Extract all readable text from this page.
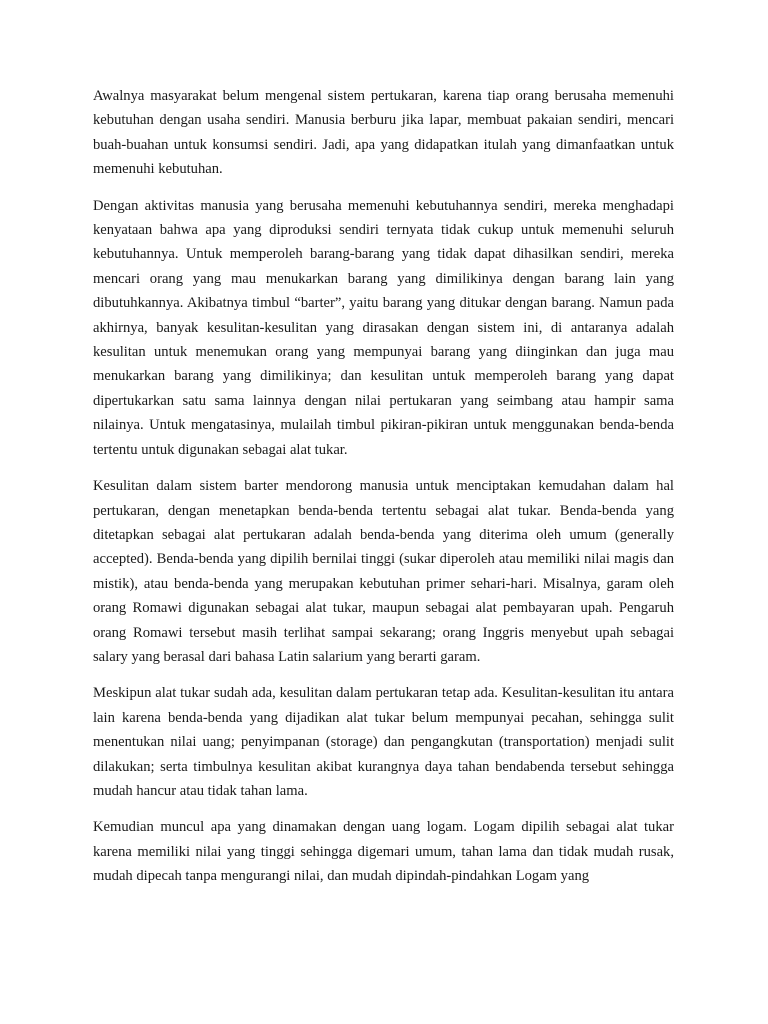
Awalnya masyarakat belum mengenal sistem pertukaran, karena tiap orang berusaha memenuhi kebutuhan dengan usaha sendiri. Manusia berburu jika lapar, membuat pakaian sendiri, mencari buah-buahan untuk konsumsi sendiri. Jadi, apa yang didapatkan itulah yang dimanfaatkan untuk memenuhi kebutuhan.

Dengan aktivitas manusia yang berusaha memenuhi kebutuhannya sendiri, mereka menghadapi kenyataan bahwa apa yang diproduksi sendiri ternyata tidak cukup untuk memenuhi seluruh kebutuhannya. Untuk memperoleh barang-barang yang tidak dapat dihasilkan sendiri, mereka mencari orang yang mau menukarkan barang yang dimilikinya dengan barang lain yang dibutuhkannya. Akibatnya timbul “barter”, yaitu barang yang ditukar dengan barang. Namun pada akhirnya, banyak kesulitan-kesulitan yang dirasakan dengan sistem ini, di antaranya adalah kesulitan untuk menemukan orang yang mempunyai barang yang diinginkan dan juga mau menukarkan barang yang dimilikinya; dan kesulitan untuk memperoleh barang yang dapat dipertukarkan satu sama lainnya dengan nilai pertukaran yang seimbang atau hampir sama nilainya. Untuk mengatasinya, mulailah timbul pikiran-pikiran untuk menggunakan benda-benda tertentu untuk digunakan sebagai alat tukar.

Kesulitan dalam sistem barter mendorong manusia untuk menciptakan kemudahan dalam hal pertukaran, dengan menetapkan benda-benda tertentu sebagai alat tukar. Benda-benda yang ditetapkan sebagai alat pertukaran adalah benda-benda yang diterima oleh umum (generally accepted). Benda-benda yang dipilih bernilai tinggi (sukar diperoleh atau memiliki nilai magis dan mistik), atau benda-benda yang merupakan kebutuhan primer sehari-hari. Misalnya, garam oleh orang Romawi digunakan sebagai alat tukar, maupun sebagai alat pembayaran upah. Pengaruh orang Romawi tersebut masih terlihat sampai sekarang; orang Inggris menyebut upah sebagai salary yang berasal dari bahasa Latin salarium yang berarti garam.

Meskipun alat tukar sudah ada, kesulitan dalam pertukaran tetap ada. Kesulitan-kesulitan itu antara lain karena benda-benda yang dijadikan alat tukar belum mempunyai pecahan, sehingga sulit menentukan nilai uang; penyimpanan (storage) dan pengangkutan (transportation) menjadi sulit dilakukan; serta timbulnya kesulitan akibat kurangnya daya tahan bendabenda tersebut sehingga mudah hancur atau tidak tahan lama.

Kemudian muncul apa yang dinamakan dengan uang logam. Logam dipilih sebagai alat tukar karena memiliki nilai yang tinggi sehingga digemari umum, tahan lama dan tidak mudah rusak, mudah dipecah tanpa mengurangi nilai, dan mudah dipindah-pindahkan Logam yang
